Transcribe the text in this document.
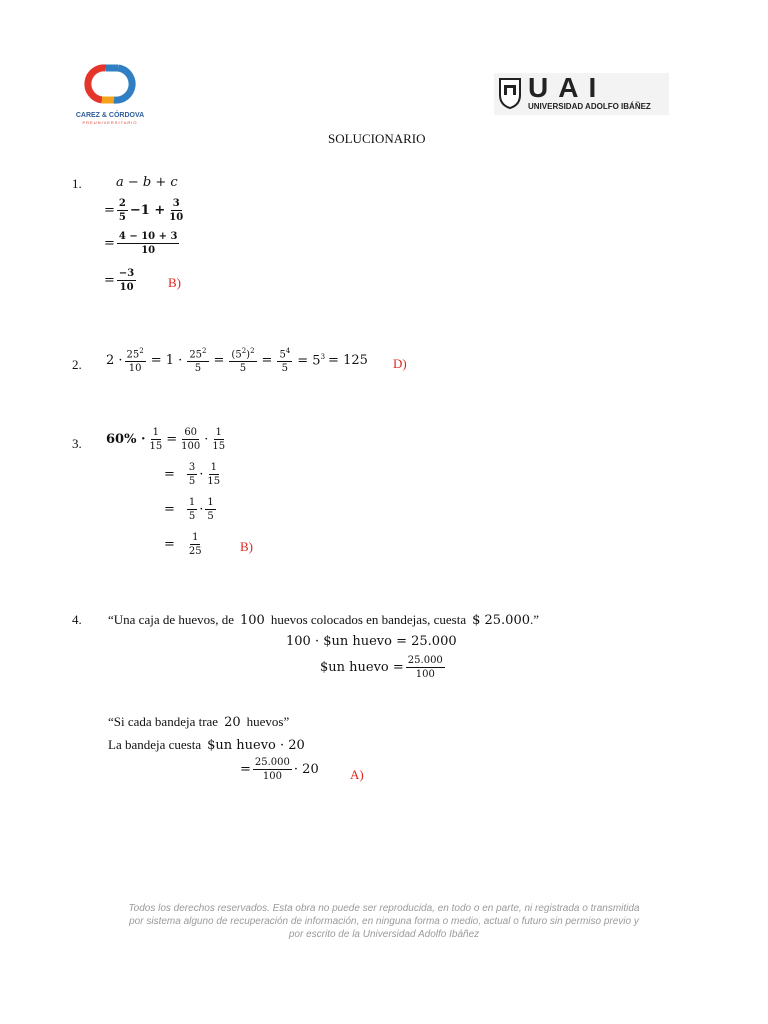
CAREZ & CÓRDOVA
PREUNIVERSITARIO
UAI
UNIVERSIDAD ADOLFO IBÁÑEZ
SOLUCIONARIO
1.	a − b + c
= $\frac{2}{5} -1 + \frac{3}{10}$
= $\frac{4 - 10 + 3}{10}$
= $\frac{-3}{10} B$)
2. $2 \cdot \frac{25^2}{10} = 1 \cdot \frac{25^2}{5} = \frac{(5^2)^2}{5} = \frac{5^4}{5} = 5^3 = 125$ D)
3. $60\% \cdot \frac{1}{15} = \frac{60}{100} \cdot \frac{1}{15}$
= $\frac{3}{5} \cdot \frac{1}{15}$
= $\frac{1}{5} \cdot \frac{1}{5}$
= $\frac{1}{25}$	B)
4. “Una caja de huevos, de 100 huevos colocados en bandejas, cuesta $ 25.000 .”
100 · $un huevo = 25.000
$un huevo = $\frac{25.000}{100}$
“Si cada bandeja trae 20 huevos”
La bandeja cuesta $un huevo · 20
= $\frac{25.000}{100} \cdot 20$ A)
Todos los derechos reservados. Esta obra no puede ser reproducida, en todo o en parte, ni registrada o transmitida
por sistema alguno de recuperación de información, en ninguna forma o medio, actual o futuro sin permiso previo y
por escrito de la Universidad Adolfo Ibáñez
